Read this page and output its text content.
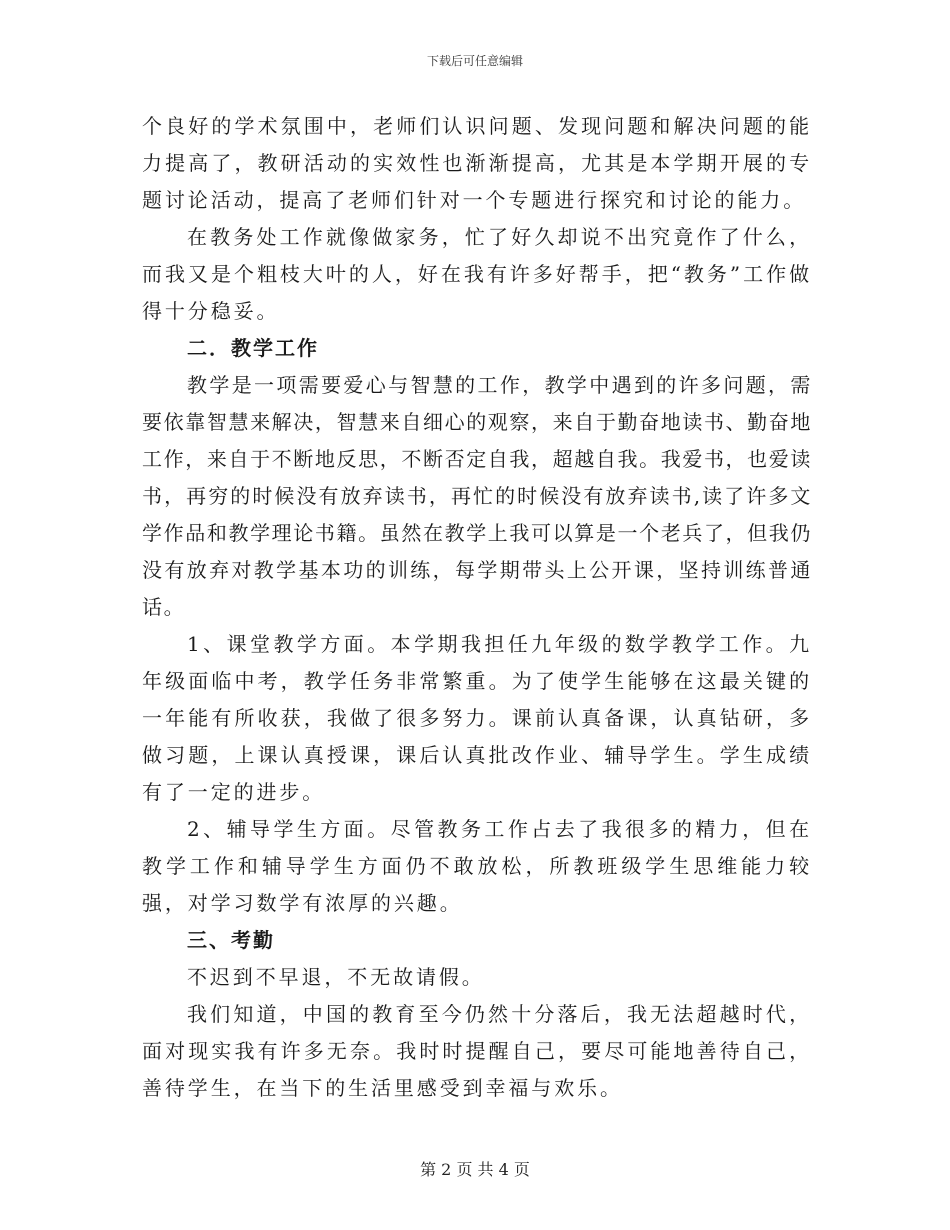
下载后可任意编辑

个良好的学术氛围中，老师们认识问题、发现问题和解决问题的能力提高了，教研活动的实效性也渐渐提高，尤其是本学期开展的专题讨论活动，提高了老师们针对一个专题进行探究和讨论的能力。

在教务处工作就像做家务，忙了好久却说不出究竟作了什么，而我又是个粗枝大叶的人，好在我有许多好帮手，把“教务”工作做得十分稳妥。

二．教学工作

教学是一项需要爱心与智慧的工作，教学中遇到的许多问题，需要依靠智慧来解决，智慧来自细心的观察，来自于勤奋地读书、勤奋地工作，来自于不断地反思，不断否定自我，超越自我。我爱书，也爱读书，再穷的时候没有放弃读书，再忙的时候没有放弃读书,读了许多文学作品和教学理论书籍。虽然在教学上我可以算是一个老兵了，但我仍没有放弃对教学基本功的训练，每学期带头上公开课，坚持训练普通话。

1、课堂教学方面。本学期我担任九年级的数学教学工作。九年级面临中考，教学任务非常繁重。为了使学生能够在这最关键的一年能有所收获，我做了很多努力。课前认真备课，认真钻研，多做习题，上课认真授课，课后认真批改作业、辅导学生。学生成绩有了一定的进步。

2、辅导学生方面。尽管教务工作占去了我很多的精力，但在教学工作和辅导学生方面仍不敢放松，所教班级学生思维能力较强，对学习数学有浓厚的兴趣。

三、考勤

不迟到不早退，不无故请假。

我们知道，中国的教育至今仍然十分落后，我无法超越时代，面对现实我有许多无奈。我时时提醒自己，要尽可能地善待自己，善待学生，在当下的生活里感受到幸福与欢乐。

第 2 页 共 4 页
